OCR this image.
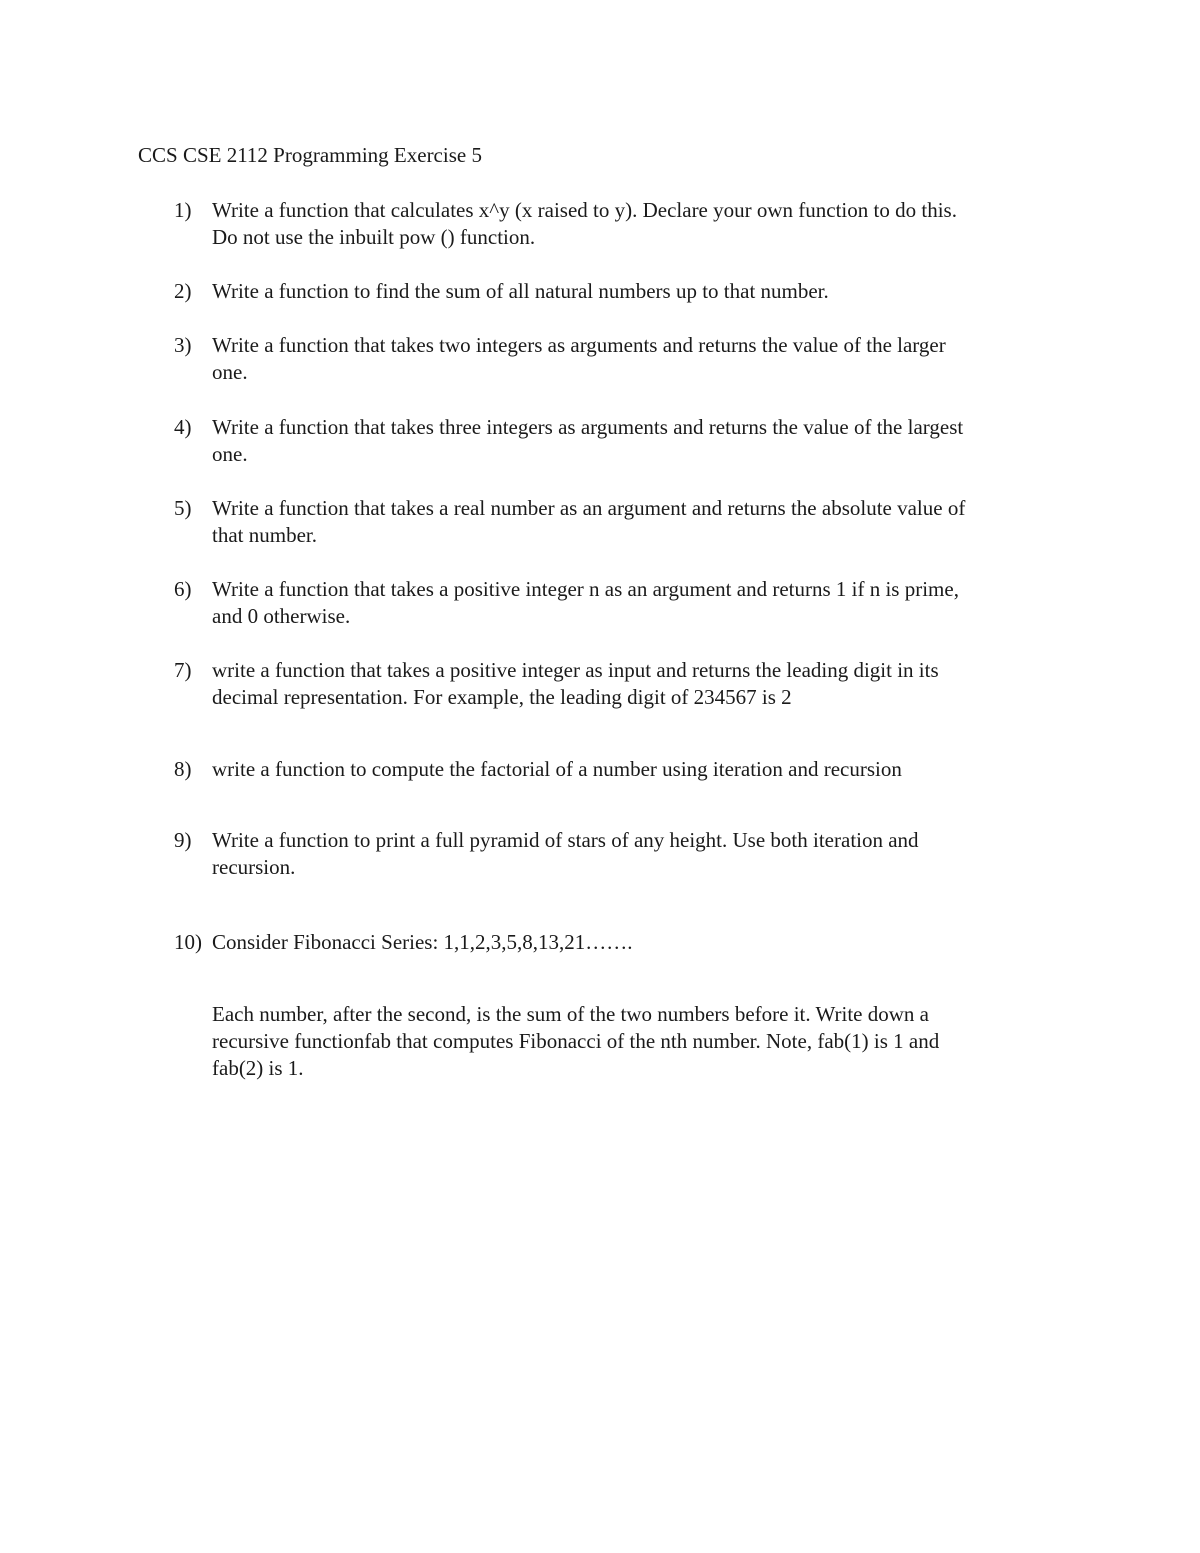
CCS CSE 2112 Programming Exercise 5
1) Write a function that calculates x^y (x raised to y). Declare your own function to do this.
Do not use the inbuilt pow () function.
2) Write a function to find the sum of all natural numbers up to that number.
3) Write a function that takes two integers as arguments and returns the value of the larger
one.
4) Write a function that takes three integers as arguments and returns the value of the largest
one.
5) Write a function that takes a real number as an argument and returns the absolute value of
that number.
6) Write a function that takes a positive integer n as an argument and returns 1 if n is prime,
and 0 otherwise.
7) write a function that takes a positive integer as input and returns the leading digit in its
decimal representation. For example, the leading digit of 234567 is 2
8) write a function to compute the factorial of a number using iteration and recursion
9) Write a function to print a full pyramid of stars of any height. Use both iteration and
recursion.
10) Consider Fibonacci Series: 1,1,2,3,5,8,13,21…….
Each number, after the second, is the sum of the two numbers before it. Write down a
recursive functionfab that computes Fibonacci of the nth number. Note, fab(1) is 1 and
fab(2) is 1.
